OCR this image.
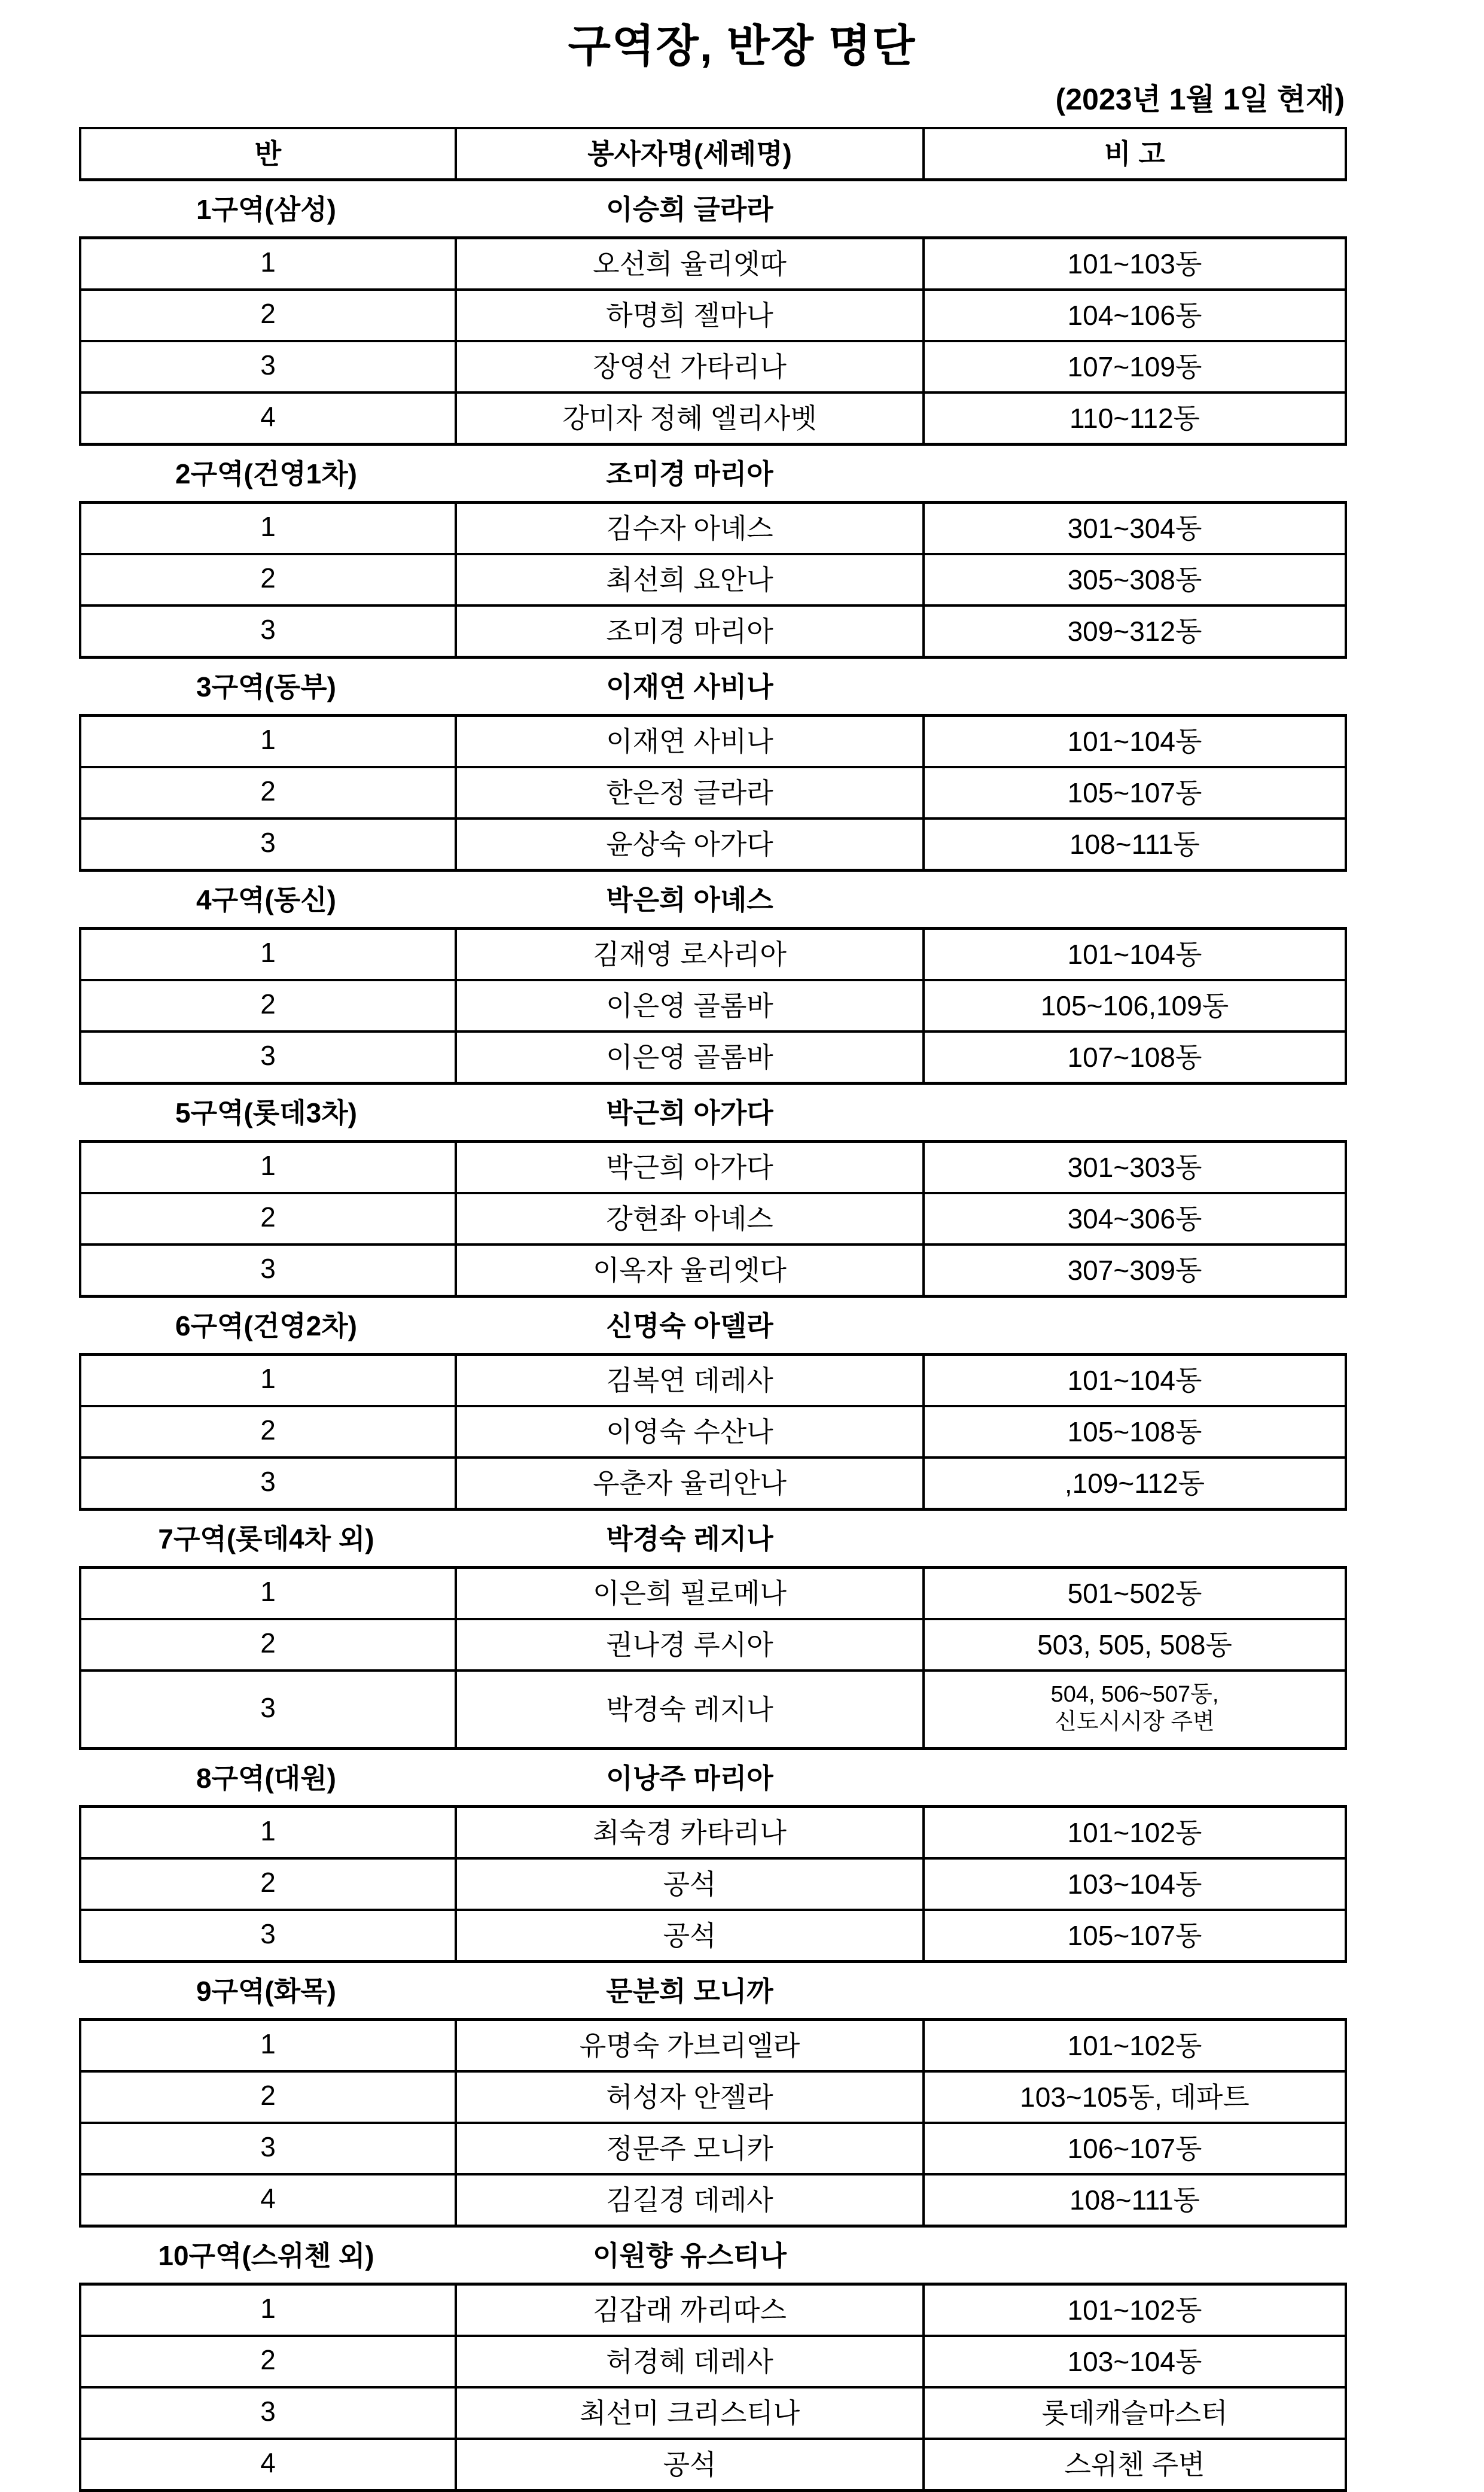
구역장, 반장 명단
(2023년 1월 1일 현재)
반	봉사자명(세례명)	비 고
1구역(삼성)	이승희 글라라	
1	오선희 율리엣따	101~103동
2	하명희 젤마나	104~106동
3	장영선 가타리나	107~109동
4	강미자 정혜 엘리사벳	110~112동
2구역(건영1차)	조미경 마리아	
1	김수자 아녜스	301~304동
2	최선희 요안나	305~308동
3	조미경 마리아	309~312동
3구역(동부)	이재연 사비나	
1	이재연 사비나	101~104동
2	한은정 글라라	105~107동
3	윤상숙 아가다	108~111동
4구역(동신)	박은희 아녜스	
1	김재영 로사리아	101~104동
2	이은영 골롬바	105~106,109동
3	이은영 골롬바	107~108동
5구역(롯데3차)	박근희 아가다	
1	박근희 아가다	301~303동
2	강현좌 아녜스	304~306동
3	이옥자 율리엣다	307~309동
6구역(건영2차)	신명숙 아델라	
1	김복연 데레사	101~104동
2	이영숙 수산나	105~108동
3	우춘자 율리안나	,109~112동
7구역(롯데4차 외)	박경숙 레지나	
1	이은희 필로메나	501~502동
2	권나경 루시아	503, 505, 508동
3	박경숙 레지나	504, 506~507동,
신도시시장 주변

8구역(대원)	이낭주 마리아	
1	최숙경 카타리나	101~102동
2	공석	103~104동
3	공석	105~107동
9구역(화목)	문분희 모니까	
1	유명숙 가브리엘라	101~102동
2	허성자 안젤라	103~105동, 데파트
3	정문주 모니카	106~107동
4	김길경 데레사	108~111동
10구역(스위첸 외)	이원향 유스티나	
1	김갑래 까리따스	101~102동
2	허경혜 데레사	103~104동
3	최선미 크리스티나	롯데캐슬마스터
4	공석	스위첸 주변
